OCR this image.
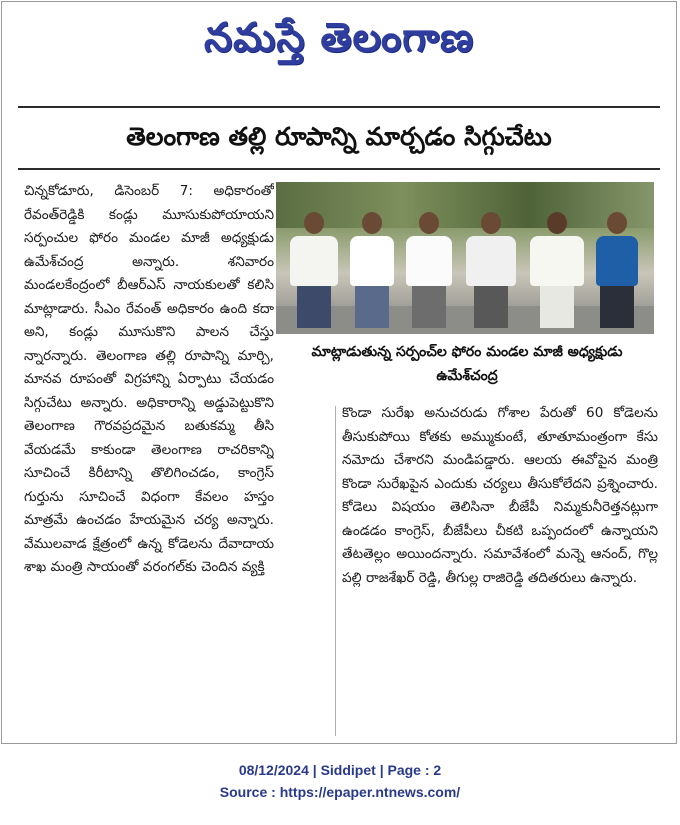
నమస్తే తెలంగాణ
తెలంగాణ తల్లి రూపాన్ని మార్చడం సిగ్గుచేటు

చిన్నకోడూరు, డిసెంబర్ 7: అధికారంతో రేవంత్‌రెడ్డికి కండ్లు మూసుకుపోయాయని సర్పంచుల ఫోరం మండల మాజీ అధ్యక్షుడు ఉమేశ్‌చంద్ర అన్నారు. శనివారం మండలకేంద్రంలో బీఆర్‌ఎస్ నాయకులతో కలిసి మాట్లాడారు. సీఎం రేవంత్ అధికారం ఉంది కదా అని, కండ్లు మూసుకొని పాలన చేస్తు న్నారన్నారు. తెలంగాణ తల్లి రూపాన్ని మార్చి, మానవ రూపంతో విగ్రహాన్ని ఏర్పాటు చేయడం సిగ్గుచేటు అన్నారు. అధికారాన్ని అడ్డుపెట్టుకొని తెలంగాణ గౌరవప్రదమైన బతుకమ్మ తీసి వేయడమే కాకుండా తెలంగాణ రాచరికాన్ని సూచించే కిరీటాన్ని తొలిగించడం, కాంగ్రెస్ గుర్తును సూచించే విధంగా కేవలం హస్తం మాత్రమే ఉంచడం హేయమైన చర్య అన్నారు. వేములవాడ క్షేత్రంలో ఉన్న కోడెలను దేవాదాయ శాఖ మంత్రి సాయంతో వరంగల్‌కు చెందిన వ్యక్తి

మాట్లాడుతున్న సర్పంచ్‌ల ఫోరం మండల మాజీ అధ్యక్షుడు ఉమేశ్‌చంద్ర

కొండా సురేఖ అనుచరుడు గోశాల పేరుతో 60 కోడెలను తీసుకుపోయి కోతకు అమ్ముకుంటే, తూతూమంత్రంగా కేసు నమోదు చేశారని మండిపడ్డారు. ఆలయ ఈవోపైన మంత్రి కొండా సురేఖపైన ఎందుకు చర్యలు తీసుకోలేదని ప్రశ్నించారు. కోడెలు విషయం తెలిసినా బీజేపీ నిమ్మకునీరెత్తనట్లుగా ఉండడం కాంగ్రెస్, బీజేపీలు చీకటి ఒప్పందంలో ఉన్నాయని తేటతెల్లం అయిందన్నారు. సమావేశంలో మన్నె ఆనంద్, గొల్ల పల్లి రాజశేఖర్ రెడ్డి, తీగుల్ల రాజిరెడ్డి తదితరులు ఉన్నారు.

08/12/2024 | Siddipet | Page : 2
Source : https://epaper.ntnews.com/
